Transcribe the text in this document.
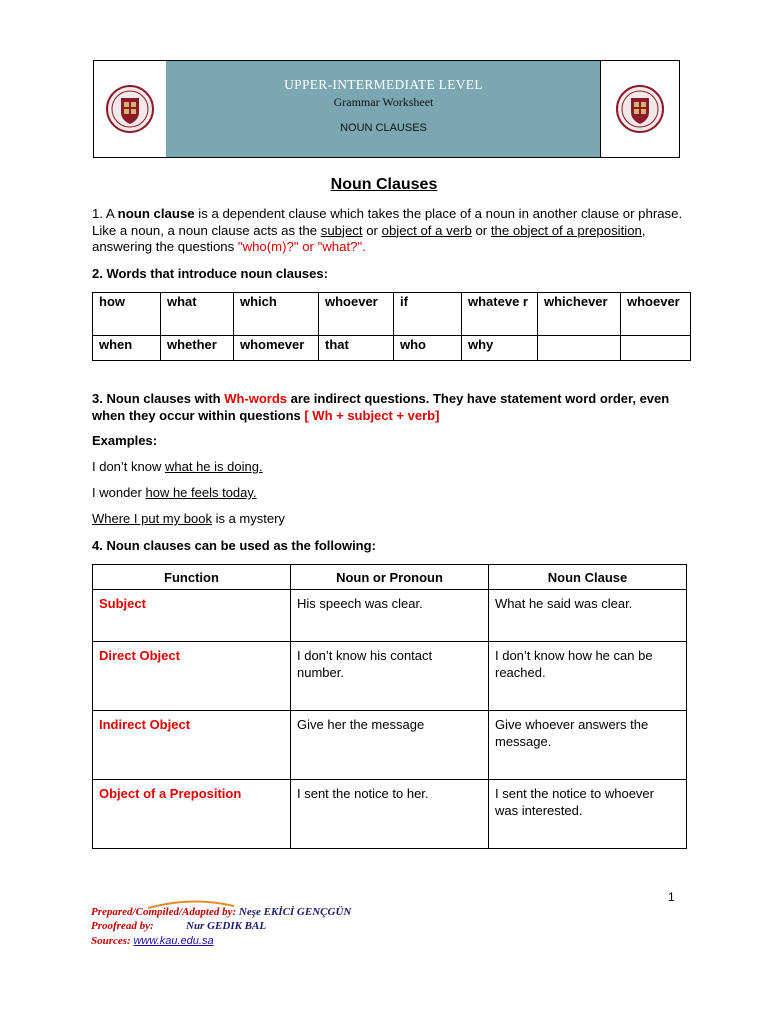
UPPER-INTERMEDIATE LEVEL
Grammar Worksheet
NOUN CLAUSES
Noun Clauses
1. A noun clause is a dependent clause which takes the place of a noun in another clause or phrase. Like a noun, a noun clause acts as the subject or object of a verb or the object of a preposition, answering the questions "who(m)?" or "what?".
2. Words that introduce noun clauses:
how	what	which	whoever	if	whateve r	whichever	whoever
when	whether	whomever	that	who	why		
3. Noun clauses with Wh-words are indirect questions. They have statement word order, even when they occur within questions [ Wh + subject + verb]
Examples:
I don’t know what he is doing.
I wonder how he feels today.
Where I put my book is a mystery
4. Noun clauses can be used as the following:
Function	Noun or Pronoun	Noun Clause
Subject	His speech was clear.	What he said was clear.
Direct Object	I don’t know his contact number.	I don’t know how he can be reached.
Indirect Object	Give her the message	Give whoever answers the message.
Object of a Preposition	I sent the notice to her.	I sent the notice to whoever was interested.
1
Prepared/Compiled/Adapted by: Neşe EKİCİ GENÇGÜN
Proofread by:	Nur GEDIK BAL
Sources: www.kau.edu.sa
